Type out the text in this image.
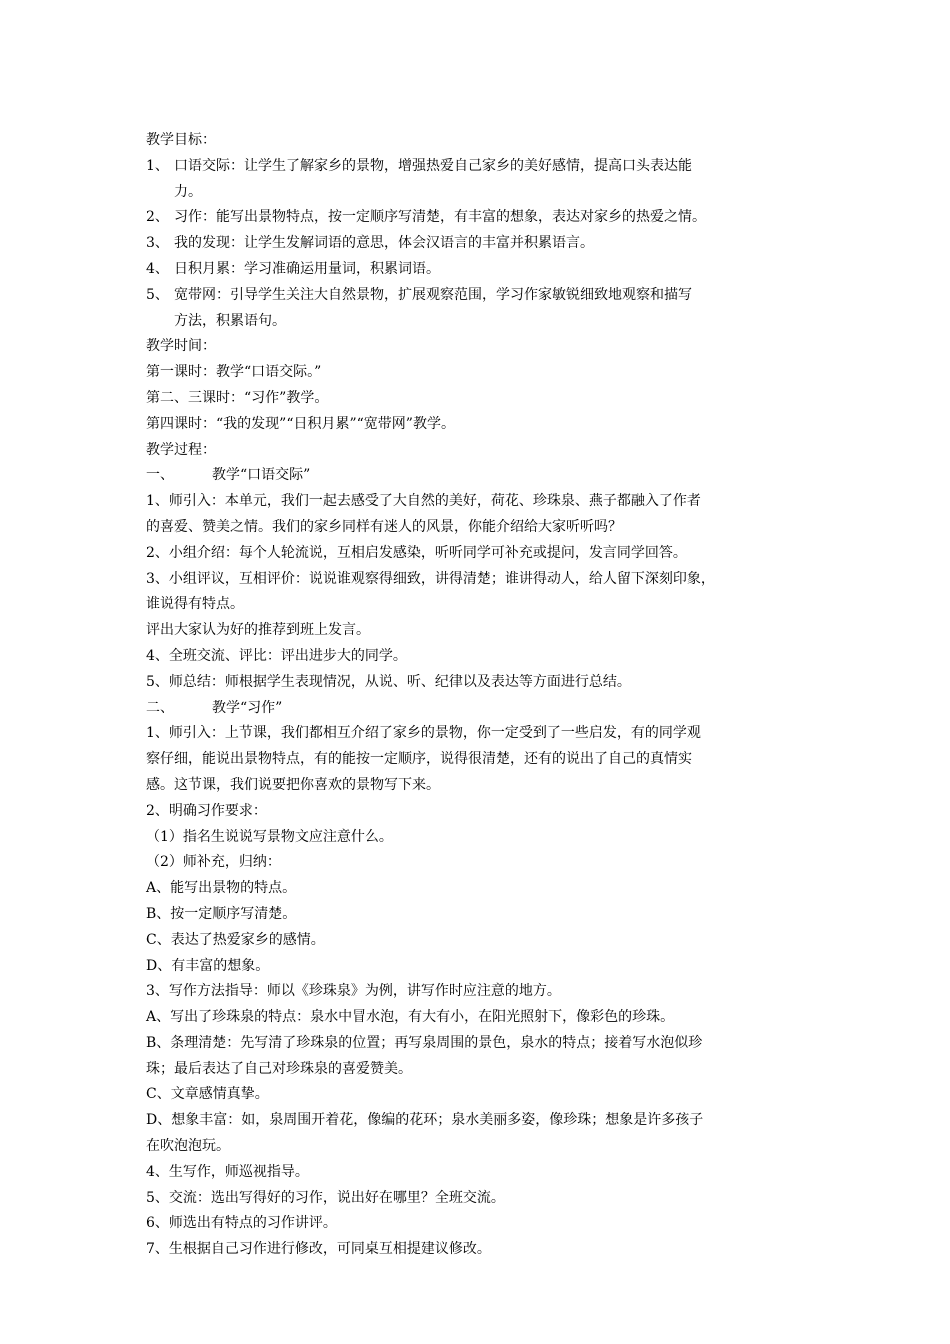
教学目标：
1、 口语交际：让学生了解家乡的景物，增强热爱自己家乡的美好感情，提高口头表达能
力。
2、 习作：能写出景物特点，按一定顺序写清楚，有丰富的想象，表达对家乡的热爱之情。
3、 我的发现：让学生发解词语的意思，体会汉语言的丰富并积累语言。
4、 日积月累：学习准确运用量词，积累词语。
5、 宽带网：引导学生关注大自然景物，扩展观察范围，学习作家敏锐细致地观察和描写
方法，积累语句。
教学时间：
第一课时：教学“口语交际。”
第二、三课时：“习作”教学。
第四课时：“我的发现”“日积月累”“宽带网”教学。
教学过程：
一、	教学“口语交际”
1、师引入：本单元，我们一起去感受了大自然的美好，荷花、珍珠泉、燕子都融入了作者
的喜爱、赞美之情。我们的家乡同样有迷人的风景，你能介绍给大家听听吗？
2、小组介绍：每个人轮流说，互相启发感染，听听同学可补充或提问，发言同学回答。
3、小组评议，互相评价：说说谁观察得细致，讲得清楚；谁讲得动人，给人留下深刻印象，
谁说得有特点。
评出大家认为好的推荐到班上发言。
4、全班交流、评比：评出进步大的同学。
5、师总结：师根据学生表现情况，从说、听、纪律以及表达等方面进行总结。
二、	教学“习作”
1、师引入：上节课，我们都相互介绍了家乡的景物，你一定受到了一些启发，有的同学观
察仔细，能说出景物特点，有的能按一定顺序，说得很清楚，还有的说出了自己的真情实
感。这节课，我们说要把你喜欢的景物写下来。
2、明确习作要求：
（1）指名生说说写景物文应注意什么。
（2）师补充，归纳：
A、能写出景物的特点。
B、按一定顺序写清楚。
C、表达了热爱家乡的感情。
D、有丰富的想象。
3、写作方法指导：师以《珍珠泉》为例，讲写作时应注意的地方。
A、写出了珍珠泉的特点：泉水中冒水泡，有大有小，在阳光照射下，像彩色的珍珠。
B、条理清楚：先写清了珍珠泉的位置；再写泉周围的景色，泉水的特点；接着写水泡似珍
珠；最后表达了自己对珍珠泉的喜爱赞美。
C、文章感情真挚。
D、想象丰富：如，泉周围开着花，像编的花环；泉水美丽多姿，像珍珠；想象是许多孩子
在吹泡泡玩。
4、生写作，师巡视指导。
5、交流：选出写得好的习作，说出好在哪里？全班交流。
6、师选出有特点的习作讲评。
7、生根据自己习作进行修改，可同桌互相提建议修改。
